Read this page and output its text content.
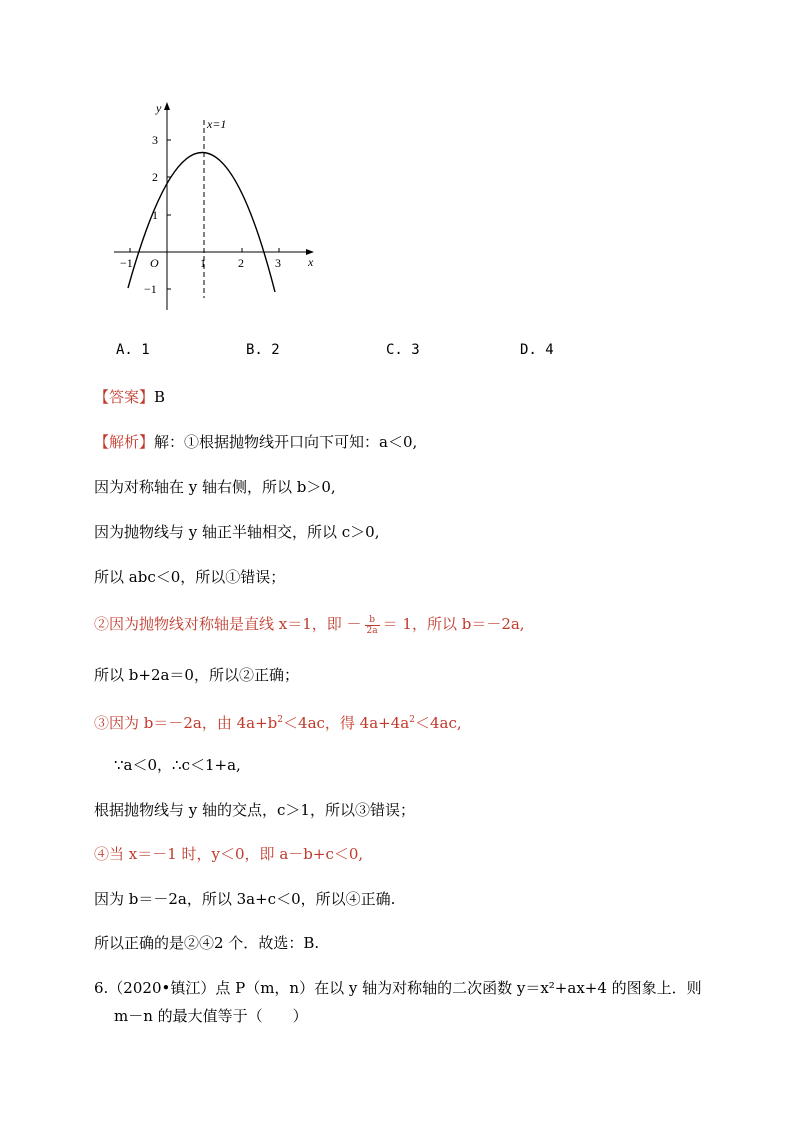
y
x
x=1
3
2
1
−1
O
−1	1	2	3
A. 1	B. 2	C. 3	D. 4
【答案】B
【解析】解：①根据抛物线开口向下可知：a＜0,
因为对称轴在 y 轴右侧，所以 b＞0,
因为抛物线与 y 轴正半轴相交，所以 c＞0,
所以 abc＜0，所以①错误；
②因为抛物线对称轴是直线 x＝1，即 － $\frac{b}{2a} = 1$，所以 b＝－2a,
所以 b+2a＝0，所以②正确；
③因为 b＝－2a，由 $4a+b^2<4ac$，得 $4a+4a^2<4ac$,
∵a＜0，∴c＜1+a,
根据抛物线与 y 轴的交点，c＞1，所以③错误；
④当 x＝－1 时，y＜0，即 a－b+c＜0,
因为 b＝－2a，所以 3a+c＜0，所以④正确.
所以正确的是②④2 个．故选：B.
6.（2020•镇江）点 P（m，n）在以 y 轴为对称轴的二次函数 y＝x²+ax+4 的图象上．则
m－n 的最大值等于（　　）
